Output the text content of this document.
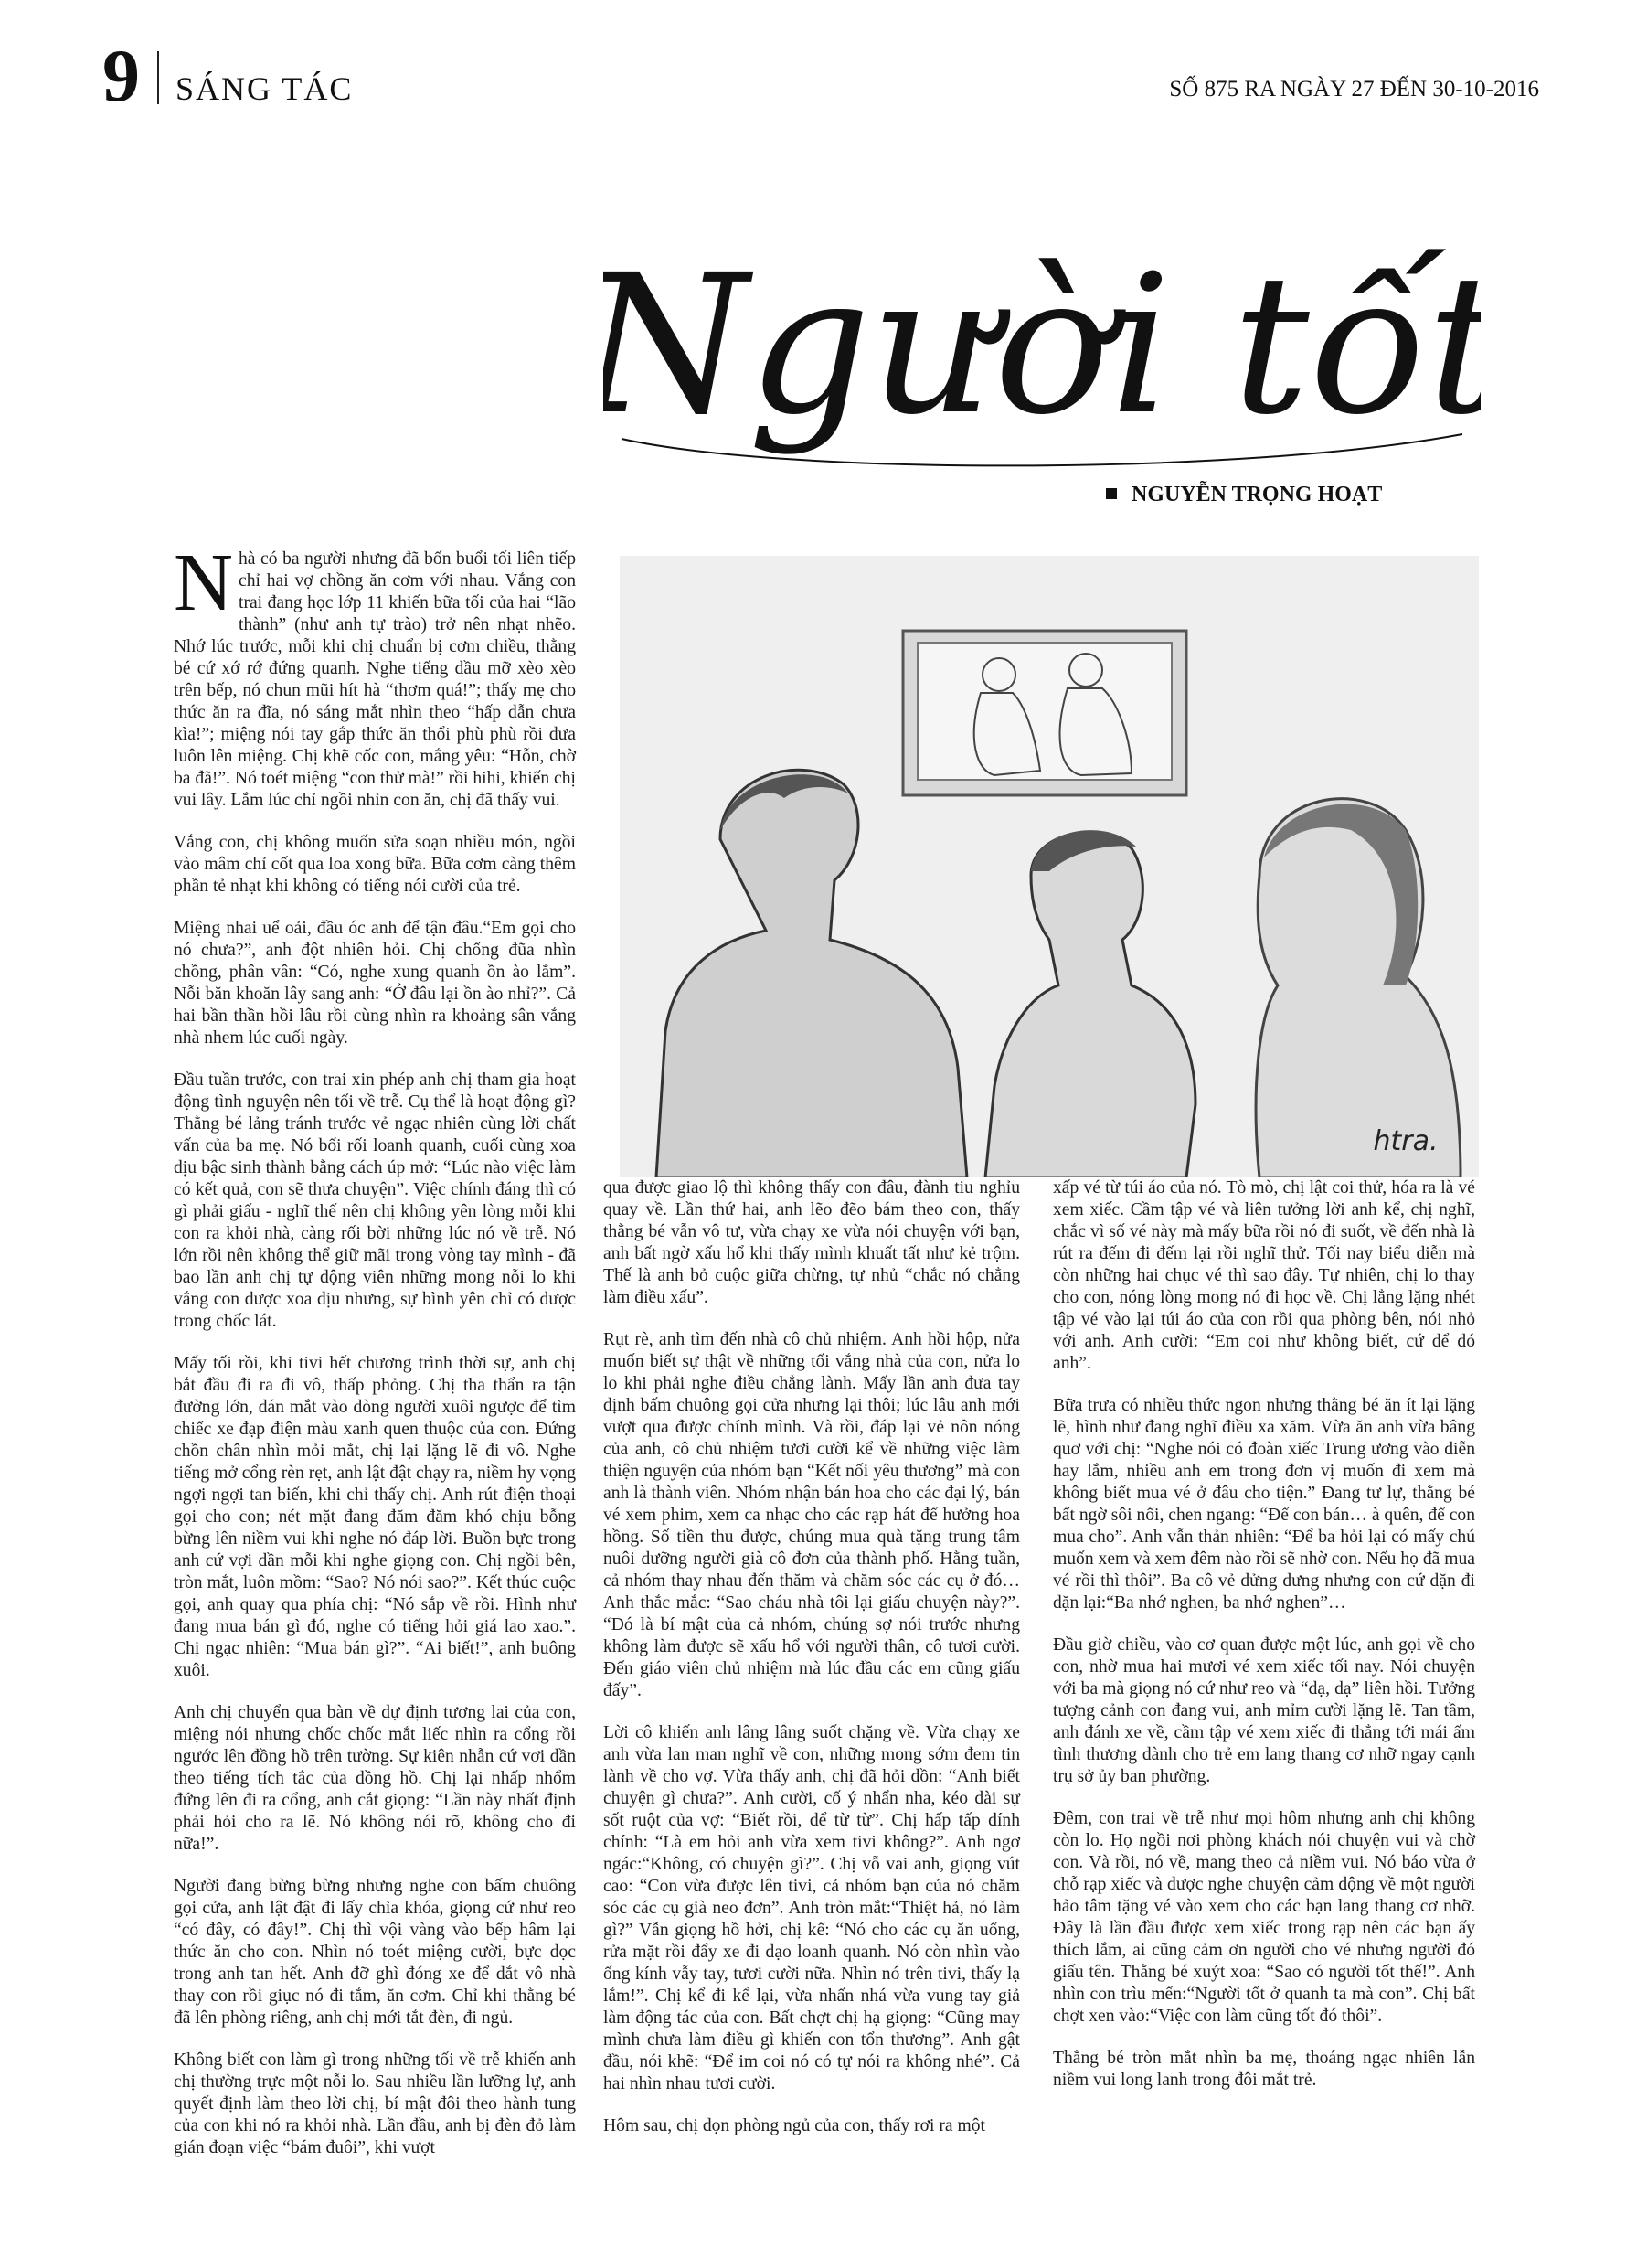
9 SÁNG TÁC	SỐ 875 RA NGÀY 27 ĐẾN 30-10-2016
Người tốt
NGUYỄN TRỌNG HOẠT
htra.

Nhà có ba người nhưng đã bốn buổi tối liên tiếp chỉ hai vợ chồng ăn cơm với nhau. Vắng con trai đang học lớp 11 khiến bữa tối của hai “lão thành” (như anh tự trào) trở nên nhạt nhẽo. Nhớ lúc trước, mỗi khi chị chuẩn bị cơm chiều, thằng bé cứ xớ rớ đứng quanh. Nghe tiếng dầu mỡ xèo xèo trên bếp, nó chun mũi hít hà “thơm quá!”; thấy mẹ cho thức ăn ra đĩa, nó sáng mắt nhìn theo “hấp dẫn chưa kìa!”; miệng nói tay gắp thức ăn thổi phù phù rồi đưa luôn lên miệng. Chị khẽ cốc con, mắng yêu: “Hỗn, chờ ba đã!”. Nó toét miệng “con thử mà!” rồi hihi, khiến chị vui lây. Lắm lúc chỉ ngồi nhìn con ăn, chị đã thấy vui.

Vắng con, chị không muốn sửa soạn nhiều món, ngồi vào mâm chỉ cốt qua loa xong bữa. Bữa cơm càng thêm phần tẻ nhạt khi không có tiếng nói cười của trẻ.

Miệng nhai uể oải, đầu óc anh để tận đâu.“Em gọi cho nó chưa?”, anh đột nhiên hỏi. Chị chống đũa nhìn chồng, phân vân: “Có, nghe xung quanh ồn ào lắm”. Nỗi băn khoăn lây sang anh: “Ở đâu lại ồn ào nhỉ?”. Cả hai bần thần hồi lâu rồi cùng nhìn ra khoảng sân vắng nhà nhem lúc cuối ngày.

Đầu tuần trước, con trai xin phép anh chị tham gia hoạt động tình nguyện nên tối về trễ. Cụ thể là hoạt động gì? Thằng bé lảng tránh trước vẻ ngạc nhiên cùng lời chất vấn của ba mẹ. Nó bối rối loanh quanh, cuối cùng xoa dịu bậc sinh thành bằng cách úp mở: “Lúc nào việc làm có kết quả, con sẽ thưa chuyện”. Việc chính đáng thì có gì phải giấu - nghĩ thế nên chị không yên lòng mỗi khi con ra khỏi nhà, càng rối bời những lúc nó về trễ. Nó lớn rồi nên không thể giữ mãi trong vòng tay mình - đã bao lần anh chị tự động viên những mong nỗi lo khi vắng con được xoa dịu nhưng, sự bình yên chỉ có được trong chốc lát.

Mấy tối rồi, khi tivi hết chương trình thời sự, anh chị bắt đầu đi ra đi vô, thấp phỏng. Chị tha thẩn ra tận đường lớn, dán mắt vào dòng người xuôi ngược để tìm chiếc xe đạp điện màu xanh quen thuộc của con. Đứng chồn chân nhìn mỏi mắt, chị lại lặng lẽ đi vô. Nghe tiếng mở cổng rèn rẹt, anh lật đật chạy ra, niềm hy vọng ngợi ngợi tan biến, khi chỉ thấy chị. Anh rút điện thoại gọi cho con; nét mặt đang đăm đăm khó chịu bỗng bừng lên niềm vui khi nghe nó đáp lời. Buồn bực trong anh cứ vợi dần mỗi khi nghe giọng con. Chị ngồi bên, tròn mắt, luôn mồm: “Sao? Nó nói sao?”. Kết thúc cuộc gọi, anh quay qua phía chị: “Nó sắp về rồi. Hình như đang mua bán gì đó, nghe có tiếng hỏi giá lao xao.”. Chị ngạc nhiên: “Mua bán gì?”. “Ai biết!”, anh buông xuôi.

Anh chị chuyển qua bàn về dự định tương lai của con, miệng nói nhưng chốc chốc mắt liếc nhìn ra cổng rồi ngước lên đồng hồ trên tường. Sự kiên nhẫn cứ vơi dần theo tiếng tích tắc của đồng hồ. Chị lại nhấp nhổm đứng lên đi ra cổng, anh cắt giọng: “Lần này nhất định phải hỏi cho ra lẽ. Nó không nói rõ, không cho đi nữa!”.

Người đang bừng bừng nhưng nghe con bấm chuông gọi cửa, anh lật đật đi lấy chìa khóa, giọng cứ như reo “có đây, có đây!”. Chị thì vội vàng vào bếp hâm lại thức ăn cho con. Nhìn nó toét miệng cười, bực dọc trong anh tan hết. Anh đỡ ghì đóng xe để dắt vô nhà thay con rồi giục nó đi tắm, ăn cơm. Chỉ khi thằng bé đã lên phòng riêng, anh chị mới tắt đèn, đi ngủ.

Không biết con làm gì trong những tối về trễ khiến anh chị thường trực một nỗi lo. Sau nhiều lần lưỡng lự, anh quyết định làm theo lời chị, bí mật đôi theo hành tung của con khi nó ra khỏi nhà. Lần đầu, anh bị đèn đỏ làm gián đoạn việc “bám đuôi”, khi vượt

qua được giao lộ thì không thấy con đâu, đành tiu nghỉu quay về. Lần thứ hai, anh lẽo đẽo bám theo con, thấy thằng bé vẫn vô tư, vừa chạy xe vừa nói chuyện với bạn, anh bất ngờ xấu hổ khi thấy mình khuất tất như kẻ trộm. Thế là anh bỏ cuộc giữa chừng, tự nhủ “chắc nó chẳng làm điều xấu”.

Rụt rè, anh tìm đến nhà cô chủ nhiệm. Anh hồi hộp, nửa muốn biết sự thật về những tối vắng nhà của con, nửa lo lo khi phải nghe điều chẳng lành. Mấy lần anh đưa tay định bấm chuông gọi cửa nhưng lại thôi; lúc lâu anh mới vượt qua được chính mình. Và rồi, đáp lại vẻ nôn nóng của anh, cô chủ nhiệm tươi cười kể về những việc làm thiện nguyện của nhóm bạn “Kết nối yêu thương” mà con anh là thành viên. Nhóm nhận bán hoa cho các đại lý, bán vé xem phim, xem ca nhạc cho các rạp hát để hưởng hoa hồng. Số tiền thu được, chúng mua quà tặng trung tâm nuôi dưỡng người già cô đơn của thành phố. Hằng tuần, cả nhóm thay nhau đến thăm và chăm sóc các cụ ở đó… Anh thắc mắc: “Sao cháu nhà tôi lại giấu chuyện này?”. “Đó là bí mật của cả nhóm, chúng sợ nói trước nhưng không làm được sẽ xấu hổ với người thân, cô tươi cười. Đến giáo viên chủ nhiệm mà lúc đầu các em cũng giấu đấy”.

Lời cô khiến anh lâng lâng suốt chặng về. Vừa chạy xe anh vừa lan man nghĩ về con, những mong sớm đem tin lành về cho vợ. Vừa thấy anh, chị đã hỏi dồn: “Anh biết chuyện gì chưa?”. Anh cười, cố ý nhẩn nha, kéo dài sự sốt ruột của vợ: “Biết rồi, để từ từ”. Chị hấp tấp đính chính: “Là em hỏi anh vừa xem tivi không?”. Anh ngơ ngác:“Không, có chuyện gì?”. Chị vỗ vai anh, giọng vút cao: “Con vừa được lên tivi, cả nhóm bạn của nó chăm sóc các cụ già neo đơn”. Anh tròn mắt:“Thiệt hả, nó làm gì?” Vẫn giọng hồ hởi, chị kể: “Nó cho các cụ ăn uống, rửa mặt rồi đẩy xe đi dạo loanh quanh. Nó còn nhìn vào ống kính vẫy tay, tươi cười nữa. Nhìn nó trên tivi, thấy lạ lắm!”. Chị kể đi kể lại, vừa nhấn nhá vừa vung tay giả làm động tác của con. Bất chợt chị hạ giọng: “Cũng may mình chưa làm điều gì khiến con tổn thương”. Anh gật đầu, nói khẽ: “Để im coi nó có tự nói ra không nhé”. Cả hai nhìn nhau tươi cười.

Hôm sau, chị dọn phòng ngủ của con, thấy rơi ra một

xấp vé từ túi áo của nó. Tò mò, chị lật coi thử, hóa ra là vé xem xiếc. Cầm tập vé và liên tưởng lời anh kể, chị nghĩ, chắc vì số vé này mà mấy bữa rồi nó đi suốt, về đến nhà là rút ra đếm đi đếm lại rồi nghĩ thử. Tối nay biểu diễn mà còn những hai chục vé thì sao đây. Tự nhiên, chị lo thay cho con, nóng lòng mong nó đi học về. Chị lẳng lặng nhét tập vé vào lại túi áo của con rồi qua phòng bên, nói nhỏ với anh. Anh cười: “Em coi như không biết, cứ để đó anh”.

Bữa trưa có nhiều thức ngon nhưng thằng bé ăn ít lại lặng lẽ, hình như đang nghĩ điều xa xăm. Vừa ăn anh vừa bâng quơ với chị: “Nghe nói có đoàn xiếc Trung ương vào diễn hay lắm, nhiều anh em trong đơn vị muốn đi xem mà không biết mua vé ở đâu cho tiện.” Đang tư lự, thằng bé bất ngờ sôi nổi, chen ngang: “Để con bán… à quên, để con mua cho”. Anh vẫn thản nhiên: “Để ba hỏi lại có mấy chú muốn xem và xem đêm nào rồi sẽ nhờ con. Nếu họ đã mua vé rồi thì thôi”. Ba cô vẻ dửng dưng nhưng con cứ dặn đi dặn lại:“Ba nhớ nghen, ba nhớ nghen”…

Đầu giờ chiều, vào cơ quan được một lúc, anh gọi về cho con, nhờ mua hai mươi vé xem xiếc tối nay. Nói chuyện với ba mà giọng nó cứ như reo và “dạ, dạ” liên hồi. Tưởng tượng cảnh con đang vui, anh mỉm cười lặng lẽ. Tan tầm, anh đánh xe về, cầm tập vé xem xiếc đi thẳng tới mái ấm tình thương dành cho trẻ em lang thang cơ nhỡ ngay cạnh trụ sở ủy ban phường.

Đêm, con trai về trễ như mọi hôm nhưng anh chị không còn lo. Họ ngồi nơi phòng khách nói chuyện vui và chờ con. Và rồi, nó về, mang theo cả niềm vui. Nó báo vừa ở chỗ rạp xiếc và được nghe chuyện cảm động về một người hảo tâm tặng vé vào xem cho các bạn lang thang cơ nhỡ. Đây là lần đầu được xem xiếc trong rạp nên các bạn ấy thích lắm, ai cũng cảm ơn người cho vé nhưng người đó giấu tên. Thằng bé xuýt xoa: “Sao có người tốt thế!”. Anh nhìn con trìu mến:“Người tốt ở quanh ta mà con”. Chị bất chợt xen vào:“Việc con làm cũng tốt đó thôi”.

Thằng bé tròn mắt nhìn ba mẹ, thoáng ngạc nhiên lẫn niềm vui long lanh trong đôi mắt trẻ.
